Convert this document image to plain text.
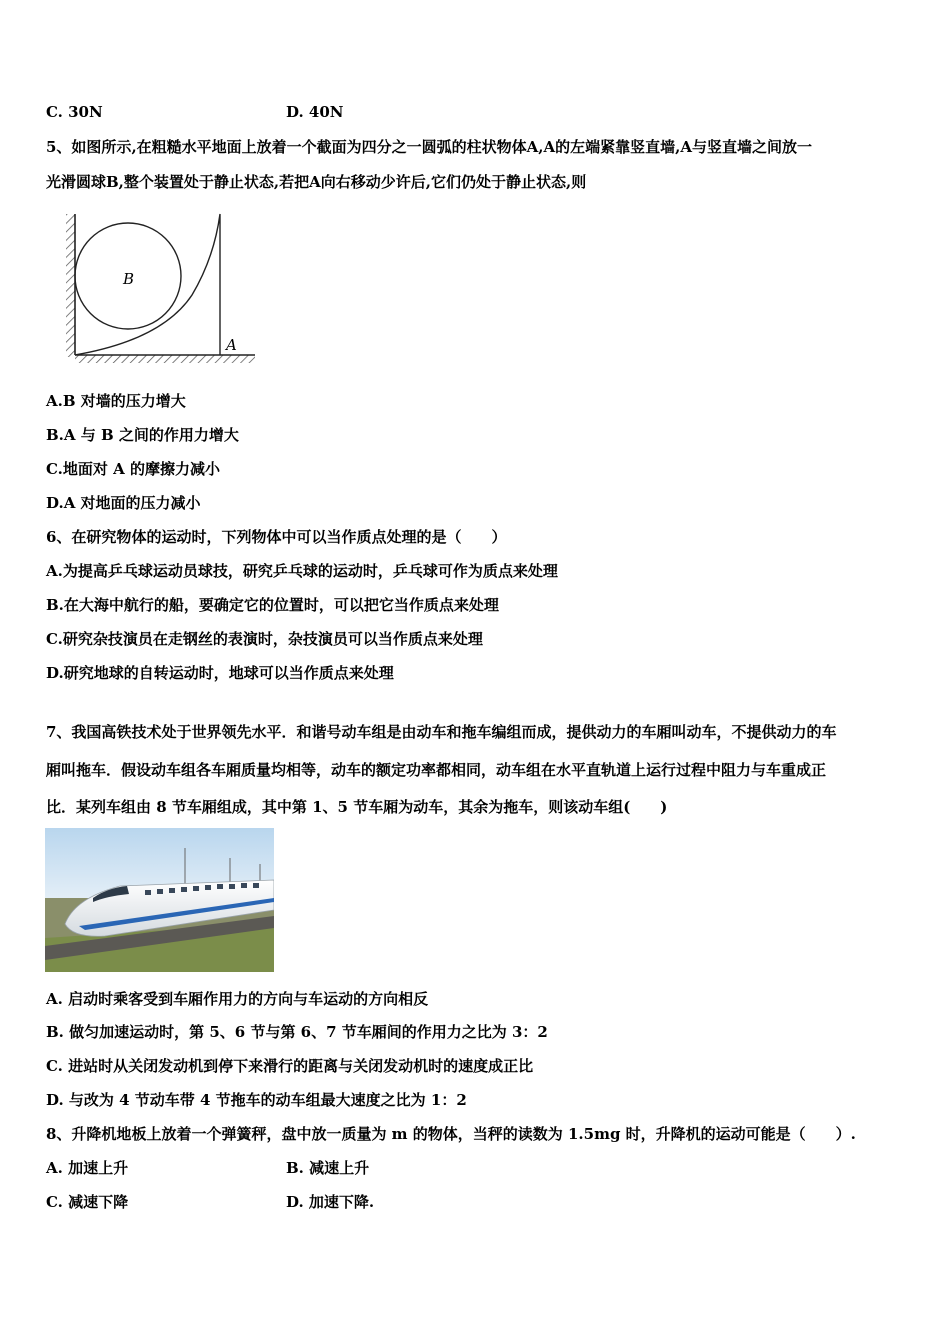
C. 30N	D. 40N
5、如图所示,在粗糙水平地面上放着一个截面为四分之一圆弧的柱状物体A,A的左端紧靠竖直墙,A与竖直墙之间放一
光滑圆球B,整个装置处于静止状态,若把A向右移动少许后,它们仍处于静止状态,则
B
A
A.B 对墙的压力增大
B.A 与 B 之间的作用力增大
C.地面对 A 的摩擦力减小
D.A 对地面的压力减小
6、在研究物体的运动时，下列物体中可以当作质点处理的是（　　）
A.为提高乒乓球运动员球技，研究乒乓球的运动时，乒乓球可作为质点来处理
B.在大海中航行的船，要确定它的位置时，可以把它当作质点来处理
C.研究杂技演员在走钢丝的表演时，杂技演员可以当作质点来处理
D.研究地球的自转运动时，地球可以当作质点来处理
7、我国高铁技术处于世界领先水平．和谐号动车组是由动车和拖车编组而成，提供动力的车厢叫动车，不提供动力的车
厢叫拖车．假设动车组各车厢质量均相等，动车的额定功率都相同，动车组在水平直轨道上运行过程中阻力与车重成正
比．某列车组由 8 节车厢组成，其中第 1、5 节车厢为动车，其余为拖车，则该动车组(　　)
A. 启动时乘客受到车厢作用力的方向与车运动的方向相反
B. 做匀加速运动时，第 5、6 节与第 6、7 节车厢间的作用力之比为 3：2
C. 进站时从关闭发动机到停下来滑行的距离与关闭发动机时的速度成正比
D. 与改为 4 节动车带 4 节拖车的动车组最大速度之比为 1：2
8、升降机地板上放着一个弹簧秤，盘中放一质量为 m 的物体，当秤的读数为 1.5mg 时，升降机的运动可能是（　　）.
A. 加速上升	B. 减速上升
C. 减速下降	D. 加速下降.
